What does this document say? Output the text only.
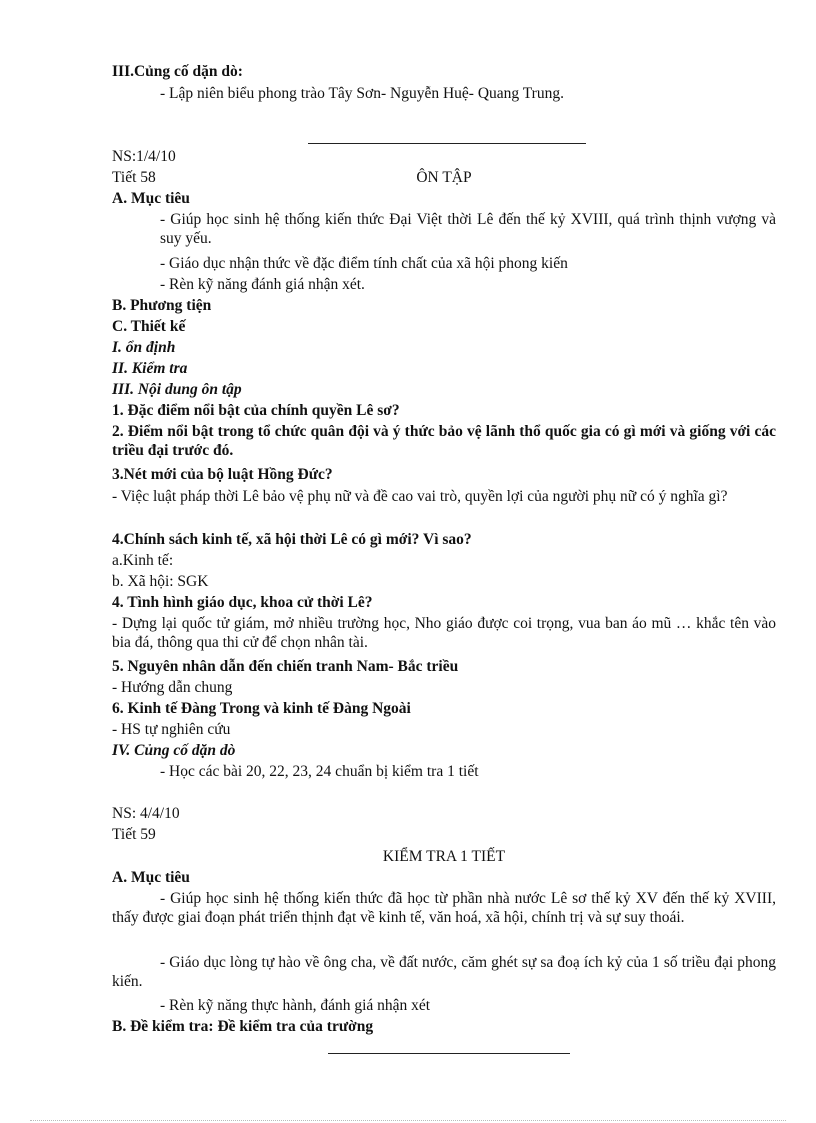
III.Củng cố dặn dò:
- Lập niên biểu phong trào Tây Sơn- Nguyễn Huệ- Quang Trung.
NS:1/4/10
Tiết 58	ÔN TẬP
A. Mục tiêu
- Giúp học sinh hệ thống kiến thức Đại Việt thời Lê đến thế kỷ XVIII, quá trình thịnh vượng và suy yếu.
- Giáo dục nhận thức về đặc điểm tính chất của xã hội phong kiến
- Rèn kỹ năng đánh giá nhận xét.
B. Phương tiện
C. Thiết kế
I. ổn định
II. Kiểm tra
III. Nội dung ôn tập
1. Đặc điểm nổi bật của chính quyền Lê sơ?
2. Điểm nổi bật trong tổ chức quân đội và ý thức bảo vệ lãnh thổ quốc gia có gì mới và giống với các triều đại trước đó.
3.Nét mới của bộ luật Hồng Đức?
- Việc luật pháp thời Lê bảo vệ phụ nữ và đề cao vai trò, quyền lợi của người phụ nữ có ý nghĩa gì?
4.Chính sách kinh tế, xã hội thời Lê có gì mới? Vì sao?
a.Kinh tế:
b. Xã hội: SGK
4. Tình hình giáo dục, khoa cử thời Lê?
- Dựng lại quốc tử giám, mở nhiều trường học, Nho giáo được coi trọng, vua ban áo mũ … khắc tên vào bia đá, thông qua thi cử để chọn nhân tài.
5. Nguyên nhân dẫn đến chiến tranh Nam- Bắc triều
- Hướng dẫn chung
6. Kinh tế Đàng Trong và kinh tế Đàng Ngoài
- HS tự nghiên cứu
IV. Củng cố dặn dò
- Học các bài 20, 22, 23, 24 chuẩn bị kiểm tra 1 tiết
NS: 4/4/10
Tiết 59
KIỂM TRA 1 TIẾT
A. Mục tiêu
- Giúp học sinh hệ thống kiến thức đã học từ phần nhà nước Lê sơ thế kỷ XV đến thế kỷ XVIII, thấy được giai đoạn phát triển thịnh đạt về kinh tế, văn hoá, xã hội, chính trị và sự suy thoái.
- Giáo dục lòng tự hào về ông cha, về đất nước, căm ghét sự sa đoạ ích kỷ của 1 số triều đại phong kiến.
- Rèn kỹ năng thực hành, đánh giá nhận xét
B. Đề kiểm tra: Đề kiểm tra của trường
